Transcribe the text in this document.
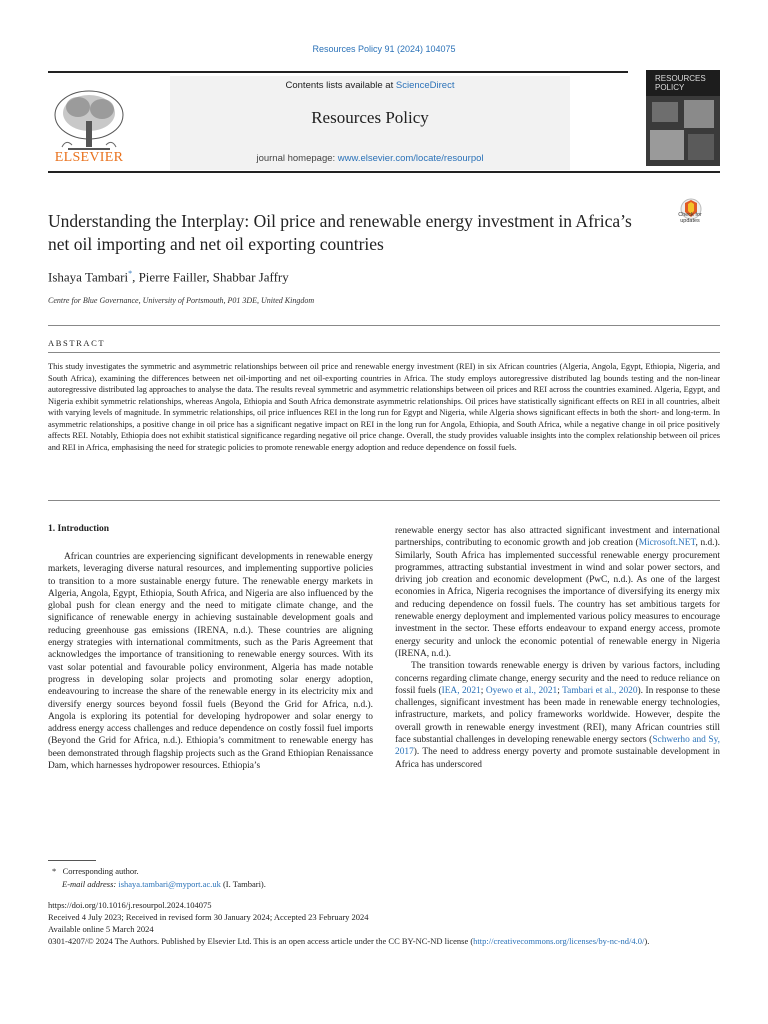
Resources Policy 91 (2024) 104075
ELSEVIER
Contents lists available at ScienceDirect
Resources Policy
journal homepage: www.elsevier.com/locate/resourpol
RESOURCES
POLICY
Check for
updates
Understanding the Interplay: Oil price and renewable energy investment in Africa’s net oil importing and net oil exporting countries
Ishaya Tambari*, Pierre Failler, Shabbar Jaffry
Centre for Blue Governance, University of Portsmouth, P01 3DE, United Kingdom
ABSTRACT
This study investigates the symmetric and asymmetric relationships between oil price and renewable energy investment (REI) in six African countries (Algeria, Angola, Egypt, Ethiopia, Nigeria, and South Africa), examining the differences between net oil-importing and net oil-exporting countries in Africa. The study employs autoregressive distributed lag bounds testing and the non-linear autoregressive distributed lag approaches to analyse the data. The results reveal symmetric and asymmetric relationships between oil prices and REI across the countries examined. Algeria, Egypt, and Nigeria exhibit symmetric relationships, whereas Angola, Ethiopia and South Africa demonstrate asymmetric relationships. Oil prices have statistically significant effects on REI in all countries, albeit with varying levels of magnitude. In symmetric relationships, oil price influences REI in the long run for Egypt and Nigeria, while Algeria shows significant effects in both the short- and long-term. In asymmetric relationships, a positive change in oil price has a significant negative impact on REI in the long run for Angola, Ethiopia, and South Africa, while a negative change in oil price positively affects REI. Notably, Ethiopia does not exhibit statistical significance regarding negative oil price change. Overall, the study provides valuable insights into the complex relationship between oil prices and REI in Africa, emphasising the need for strategic policies to promote renewable energy adoption and reduce dependence on fossil fuels.
1. Introduction

African countries are experiencing significant developments in renewable energy markets, leveraging diverse natural resources, and implementing supportive policies to transition to a more sustainable energy future. The renewable energy markets in Algeria, Angola, Egypt, Ethiopia, South Africa, and Nigeria are also influenced by the global push for clean energy and the need to mitigate climate change, and the significance of renewable energy in achieving sustainable development goals and reducing greenhouse gas emissions (IRENA, n.d.). These countries are aligning energy strategies with international commitments, such as the Paris Agreement that acknowledges the importance of transitioning to renewable energy sources. With its vast solar potential and favourable policy environment, Algeria has made notable progress in developing solar projects and promoting solar energy adoption, endeavouring to increase the share of the renewable energy in its electricity mix and diversify energy sources beyond fossil fuels (Beyond the Grid for Africa, n.d.). Angola is exploring its potential for developing hydropower and solar energy to address energy access challenges and reduce dependence on costly fossil fuel imports (Beyond the Grid for Africa, n.d.). Ethiopia’s commitment to renewable energy has been demonstrated through flagship projects such as the Grand Ethiopian Renaissance Dam, which harnesses hydropower resources. Ethiopia’s

renewable energy sector has also attracted significant investment and international partnerships, contributing to economic growth and job creation (Microsoft.NET, n.d.). Similarly, South Africa has implemented successful renewable energy procurement programmes, attracting substantial investment in wind and solar power sectors, and driving job creation and economic development (PwC, n.d.). As one of the largest economies in Africa, Nigeria recognises the importance of diversifying its energy mix and reducing dependence on fossil fuels. The country has set ambitious targets for renewable energy deployment and implemented various policy measures to encourage investment in the sector. These efforts endeavour to expand energy access, promote energy security and unlock the economic potential of renewable energy in Nigeria (IRENA, n.d.).

The transition towards renewable energy is driven by various factors, including concerns regarding climate change, energy security and the need to reduce reliance on fossil fuels (IEA, 2021; Oyewo et al., 2021; Tambari et al., 2020). In response to these challenges, significant investment has been made in renewable energy technologies, infrastructure, markets, and policy frameworks worldwide. However, despite the overall growth in renewable energy investment (REI), many African countries still face substantial challenges in developing renewable energy sectors (Schwerho and Sy, 2017). The need to address energy poverty and promote sustainable development in Africa has underscored

* Corresponding author.
E-mail address: ishaya.tambari@myport.ac.uk (I. Tambari).
https://doi.org/10.1016/j.resourpol.2024.104075
Received 4 July 2023; Received in revised form 30 January 2024; Accepted 23 February 2024
Available online 5 March 2024
0301-4207/© 2024 The Authors. Published by Elsevier Ltd. This is an open access article under the CC BY-NC-ND license (http://creativecommons.org/licenses/by-nc-nd/4.0/).
